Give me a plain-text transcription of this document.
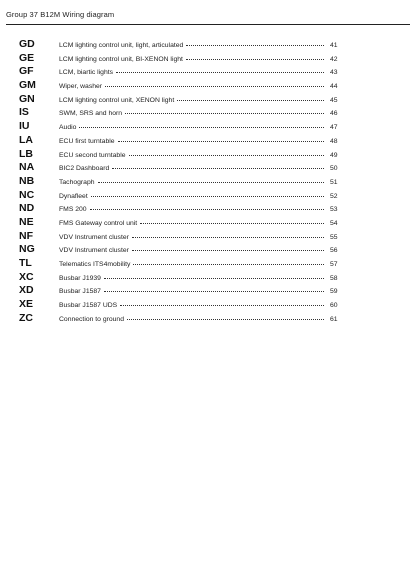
Group 37 B12M Wiring diagram
GD	LCM lighting control unit, light, articulated	41
GE	LCM lighting control unit, BI-XENON light	42
GF	LCM, biartic lights	43
GM	Wiper, washer	44
GN	LCM lighting control unit, XENON light	45
IS	SWM, SRS and horn	46
IU	Audio	47
LA	ECU first turntable	48
LB	ECU second turntable	49
NA	BIC2 Dashboard	50
NB	Tachograph	51
NC	Dynafleet	52
ND	FMS 200	53
NE	FMS Gateway control unit	54
NF	VDV Instrument cluster	55
NG	VDV Instrument cluster	56
TL	Telematics ITS4mobility	57
XC	Busbar J1939	58
XD	Busbar J1587	59
XE	Busbar J1587 UDS	60
ZC	Connection to ground	61
